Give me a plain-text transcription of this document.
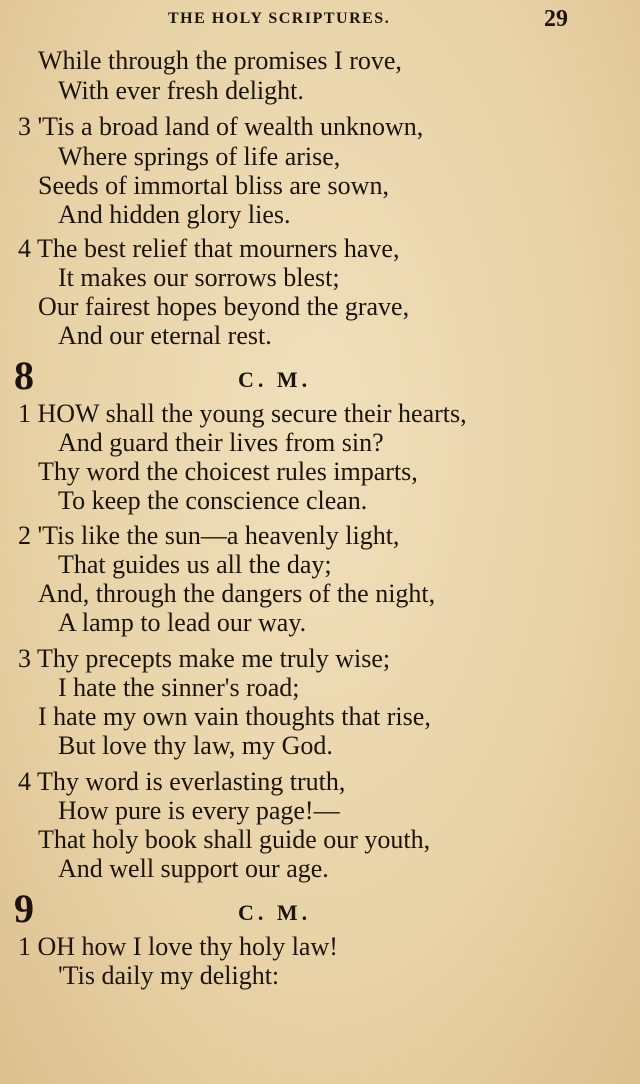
THE HOLY SCRIPTURES.	29
While through the promises I rove,
With ever fresh delight.
3 'Tis a broad land of wealth unknown,
Where springs of life arise,
Seeds of immortal bliss are sown,
And hidden glory lies.
4 The best relief that mourners have,
It makes our sorrows blest;
Our fairest hopes beyond the grave,
And our eternal rest.
8	C. M.
1 HOW shall the young secure their hearts,
And guard their lives from sin?
Thy word the choicest rules imparts,
To keep the conscience clean.
2 'Tis like the sun—a heavenly light,
That guides us all the day;
And, through the dangers of the night,
A lamp to lead our way.
3 Thy precepts make me truly wise;
I hate the sinner's road;
I hate my own vain thoughts that rise,
But love thy law, my God.
4 Thy word is everlasting truth,
How pure is every page!—
That holy book shall guide our youth,
And well support our age.
9	C. M.
1 OH how I love thy holy law!
'Tis daily my delight:
